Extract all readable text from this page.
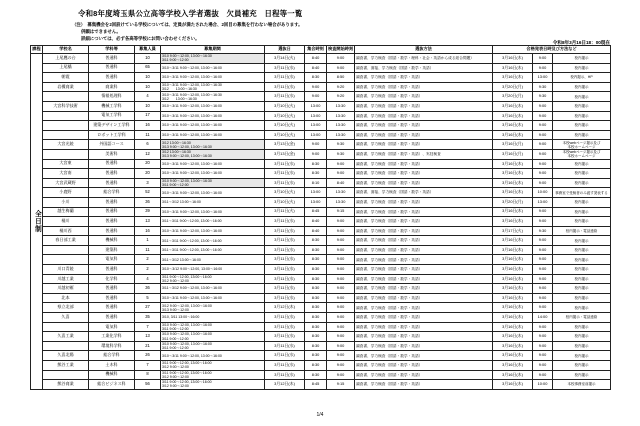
令和8年度埼玉県公立高等学校入学者選抜　欠員補充　日程等一覧
（注）　募集機会を2回設けている学校については、定員が満たされた場合、2回目の募集を行わない場合があります。
併願はできません。
詳細については、必ず各高等学校にお問い合わせください。
令和8年3月16日18：00現在
課程	学校名	学科等	募集人員	募集期間	選抜日	集合時刻	検査開始時刻	選抜方法	合格発表日時及び方法など		
全日制	上尾鷹の台	普通科	10	3/10 9:00〜12:00, 13:00〜16:30
3/11 9:00〜12:00	3月14日(火)	8:40	9:00	調査書、学力検査（国語・数学・理科・社会・英語から成る総合問題）	3月16日(木)	9:00	校内掲示
	上尾橘	普通科	65	3/10〜3/11 9:00〜12:00, 13:00〜16:00	3月11日(水)	8:40	9:00	調査書、面接、学力検査（国語・数学・英語）	3月16日(木)	9:00	校内掲示
	朝霞	普通科	10	3/10〜3/11 9:00〜12:00, 13:00〜16:00	3月11日(水)	8:30	8:50	調査書、学力検査（国語・数学・英語）	3月16日(木)	13:00	校内掲示、HP
	岩槻商業	商業科	10	3/10〜3/11 9:00〜12:00, 13:00〜16:30
3/12　　13:00〜16:30	3月11日(水)	9:00	9:20	調査書、学力検査（国語・数学・英語）	3月20日(月)	9:30	校内掲示
		情報処理科	4	3/10〜3/11 9:00〜12:00, 13:00〜16:30
3/12　　13:00〜16:30	3月11日(水)	9:00	9:20	調査書、学力検査（国語・数学・英語）	3月20日(月)	9:30	校内掲示
	大宮科学技術	機械工学科	10	3/10〜3/11 9:00〜12:00, 13:00〜16:00	3月10日(火)	13:00	13:30	調査書、学力検査（国語・数学・英語）	3月16日(木)	9:00	校内掲示
		電気工学科	17	3/10〜3/11 9:00〜12:00, 13:00〜16:00	3月10日(火)	13:00	13:30	調査書、学力検査（国語・数学・英語）	3月16日(木)	9:00	校内掲示
		建築デザイン工学科	16	3/10〜3/11 9:00〜12:00, 13:00〜16:00	3月10日(火)	13:00	13:30	調査書、学力検査（国語・数学・英語）	3月16日(木)	9:00	校内掲示
		ロボット工学科	11	3/10〜3/11 9:00〜12:00, 13:00〜16:00	3月10日(火)	13:00	13:30	調査書、学力検査（国語・数学・英語）	3月16日(木)	9:00	校内掲示
	大宮光陵	外国語コース	6	3/12 13:00〜16:30
3/13 9:00〜12:00, 13:00〜16:30	3月13日(金)	9:00	9:30	調査書、学力検査（国語・数学・英語）	3月16日(月)	9:00	本校webページ掲示及び
本校ホームページ
		美術科	12	3/12 13:00〜16:30
3/13 9:00〜12:00, 13:00〜16:30	3月13日(金)	9:00	9:30	調査書、学力検査（国語・数学・英語）、実技検査	3月16日(月)	9:00	本校webページ掲示及び
本校ホームページ
	大宮東	普通科	20	3/10〜3/11 9:00〜12:00, 13:00〜16:00	3月11日(水)	8:30	9:00	調査書、学力検査（国語・数学・英語）	3月16日(木)	9:00	校内掲示
	大宮南	普通科	20	3/10〜3/11 9:00〜12:00, 13:00〜16:00	3月11日(水)	8:30	9:00	調査書、学力検査（国語・数学・英語）	3月16日(木)	9:00	校内掲示
	大宮武蔵野	普通科	3	3/10 9:00〜12:00, 13:00〜16:30
3/11 9:00〜12:00	3月11日(水)	8:10	8:40	調査書、学力検査（国語・数学・英語）	3月16日(木)	9:00	校内掲示
	小鹿野	総合学科	52	3/10〜3/11 9:00〜12:00, 13:00〜16:00	3月10日(火)	13:00	13:30	調査書、面接、学力検査（国語・数学・英語）	3月16日(木)	10:00	事務室で受検者のみ渡す発表する
	小川	普通科	36	3/11〜3/12 13:00〜16:00	3月10日(火)	13:00	13:30	調査書、学力検査（国語・数学・英語）	3月20日(月)	13:00	校内掲示
	越生梅蘭	普通科	39	3/10〜3/11 9:00〜12:00, 13:00〜16:00	3月11日(火)	8:45	9:15	調査書、学力検査（国語・数学・英語）	3月16日(木)	9:00	校内掲示
	桶川	普通科	13	3/11〜3/11 9:00〜12:00, 13:00〜16:00	3月11日(水)	8:40	9:00	調査書、学力検査（国語・数学・英語）	3月16日(木)	9:00	校内掲示
	桶川西	普通科	16	3/10〜3/11 9:00〜12:00, 13:00〜16:00	3月11日(水)	8:40	9:00	調査書、学力検査（国語・数学・英語）	3月17日(火)	9:30	校内掲示・電話連絡
	春日部工業	機械科	1	3/11〜3/11 9:00〜12:00, 13:00〜16:00	3月11日(水)	8:30	9:00	調査書、学力検査（国語・数学・英語）	3月16日(木)	9:00	校内掲示
		建築科	11	3/11〜3/11 9:00〜12:00, 13:00〜16:00	3月11日(水)	8:30	9:00	調査書、学力検査（国語・数学・英語）	3月16日(木)	9:00	校内掲示
		電気科	2	3/11〜3/12 13:00〜16:00	3月11日(水)	8:30	9:00	調査書、学力検査（国語・数学・英語）	3月16日(木)	9:00	校内掲示
	川口青陵	普通科	2	3/10〜3/12 9:00〜12:00, 13:00〜16:00	3月11日(水)	8:30	9:00	調査書、学力検査（国語・数学・英語）	3月16日(木)	9:00	校内掲示
	川越工業	化学科	4	3/11 9:00〜12:00, 13:00〜16:00
3/12 9:00〜12:00	3月11日(水)	8:30	9:00	調査書、学力検査（国語・数学・英語）	3月16日(木)	9:00	校内掲示
	川越初雁	普通科	36	3/11〜3/12 9:00〜12:00, 13:00〜16:00	3月11日(水)	8:30	9:00	調査書、学力検査（国語・数学・英語）	3月16日(木)	9:00	校内掲示
	北本	普通科	5	3/10〜3/11 9:00〜12:00, 13:00〜16:00	3月11日(水)	8:30	9:00	調査書、学力検査（国語・数学・英語）	3月16日(木)	9:00	校内掲示
	県立北部	普通科	27	3/12 9:00〜12:00, 13:00〜16:00
3/13 9:00〜12:00	3月12日(木)	8:30	9:00	調査書、学力検査（国語・数学・英語）	3月16日(木)	9:00	校内掲示
	久喜	普通科	35	3/10, 3/11 13:00〜16:00	3月11日(水)	8:30	9:00	調査書、学力検査（国語・数学・英語）	3月16日(木)	14:00	校内掲示・電話連絡
		電気科	7	3/10 9:00〜12:00, 13:00〜16:00
3/11 9:00〜12:00	3月11日(水)	8:30	9:00	調査書、学力検査（国語・数学・英語）	3月16日(木)	9:00	校内掲示
	久喜工業	工業化学科	13	3/10 9:00〜12:00, 13:00〜16:00
3/11 9:00〜12:00	3月11日(水)	8:30	9:00	調査書、学力検査（国語・数学・英語）	3月16日(木)	9:00	校内掲示
		環境科学科	21	3/10 9:00〜12:00, 13:00〜16:00
3/11 9:00〜12:00	3月11日(水)	8:30	9:00	調査書、学力検査（国語・数学・英語）	3月16日(木)	9:00	校内掲示
	久喜北陽	総合学科	26	3/10〜3/11 9:00〜12:00, 13:00〜16:00	3月11日(水)	8:30	9:00	調査書、学力検査（国語・数学・英語）	3月16日(木)	9:00	校内掲示
	熊谷工業	土木科	7	3/11 9:00〜12:00, 13:00〜16:00
3/12 9:00〜12:00	3月11日(水)	8:30	9:00	調査書、学力検査（国語・数学・英語）	3月16日(木)	9:00	校内掲示
		機械科	8	3/11 9:00〜12:00, 13:00〜16:00
3/12 9:00〜12:00	3月11日(水)	8:30	9:00	調査書、学力検査（国語・数学・英語）	3月16日(木)	9:00	校内掲示
	熊谷商業	総合ビジネス科	56	3/11 9:00〜12:00, 13:00〜16:00
3/12 9:00〜12:00	3月12日(木)	8:45	9:15	調査書、学力検査（国語・数学・英語）	3月16日(木)	10:00	本校事務室前掲示
1/4
